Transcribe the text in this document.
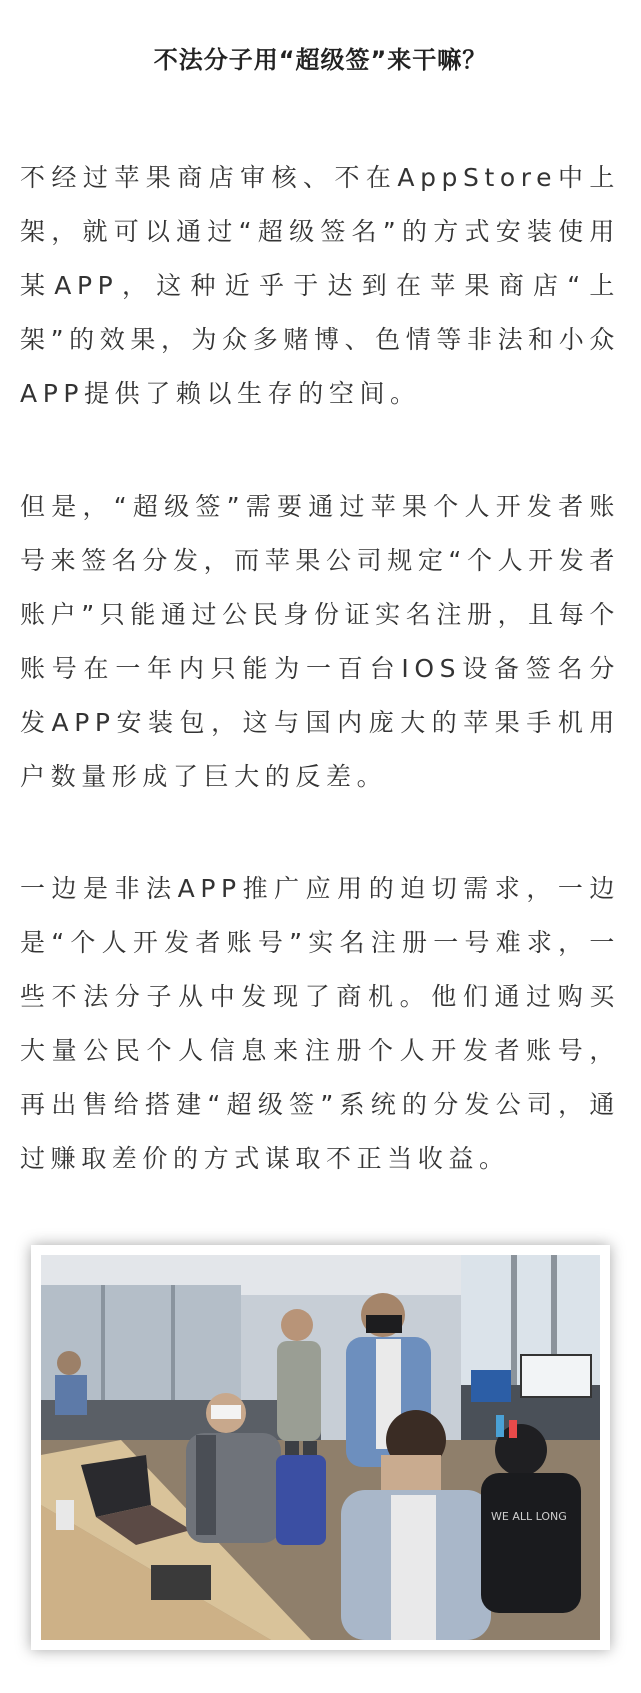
不法分子用“超级签”来干嘛？

不经过苹果商店审核、不在AppStore中上架，就可以通过“超级签名”的方式安装使用某APP，这种近乎于达到在苹果商店“上架”的效果，为众多赌博、色情等非法和小众APP提供了赖以生存的空间。

但是，“超级签”需要通过苹果个人开发者账号来签名分发，而苹果公司规定“个人开发者账户”只能通过公民身份证实名注册，且每个账号在一年内只能为一百台IOS设备签名分发APP安装包，这与国内庞大的苹果手机用户数量形成了巨大的反差。

一边是非法APP推广应用的迫切需求，一边是“个人开发者账号”实名注册一号难求，一些不法分子从中发现了商机。他们通过购买大量公民个人信息来注册个人开发者账号，再出售给搭建“超级签”系统的分发公司，通过赚取差价的方式谋取不正当收益。

WE ALL LONG
